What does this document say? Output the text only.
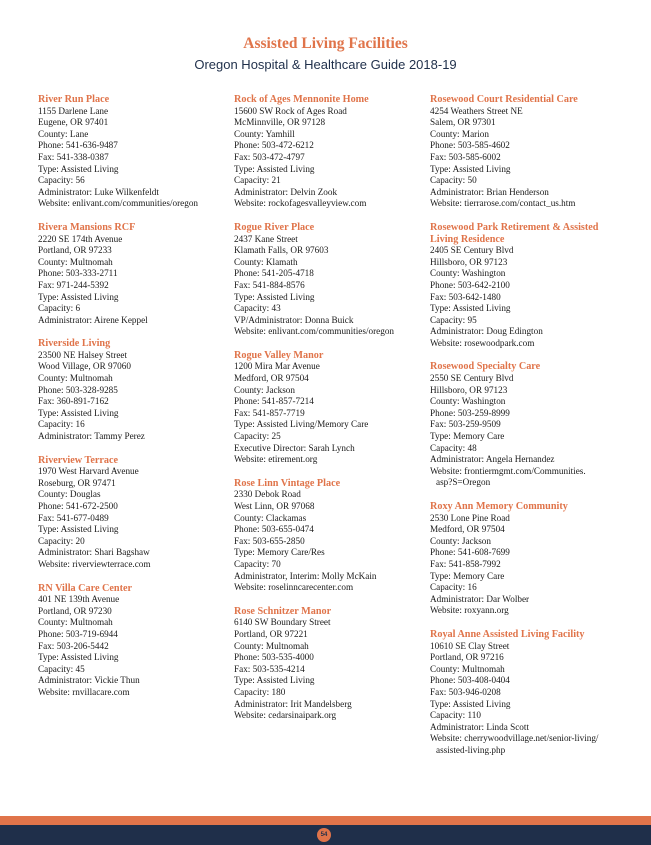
Assisted Living Facilities
Oregon Hospital & Healthcare Guide 2018-19
River Run Place
1155 Darlene Lane
Eugene, OR 97401
County: Lane
Phone: 541-636-9487
Fax: 541-338-0387
Type: Assisted Living
Capacity: 56
Administrator: Luke Wilkenfeldt
Website: enlivant.com/communities/oregon
Rivera Mansions RCF
2220 SE 174th Avenue
Portland, OR 97233
County: Multnomah
Phone: 503-333-2711
Fax: 971-244-5392
Type: Assisted Living
Capacity: 6
Administrator: Airene Keppel
Riverside Living
23500 NE Halsey Street
Wood Village, OR 97060
County: Multnomah
Phone: 503-328-9285
Fax: 360-891-7162
Type: Assisted Living
Capacity: 16
Administrator: Tammy Perez
Riverview Terrace
1970 West Harvard Avenue
Roseburg, OR 97471
County: Douglas
Phone: 541-672-2500
Fax: 541-677-0489
Type: Assisted Living
Capacity: 20
Administrator: Shari Bagshaw
Website: riverviewterrace.com
RN Villa Care Center
401 NE 139th Avenue
Portland, OR 97230
County: Multnomah
Phone: 503-719-6944
Fax: 503-206-5442
Type: Assisted Living
Capacity: 45
Administrator: Vickie Thun
Website: rnvillacare.com
Rock of Ages Mennonite Home
15600 SW Rock of Ages Road
McMinnville, OR 97128
County: Yamhill
Phone: 503-472-6212
Fax: 503-472-4797
Type: Assisted Living
Capacity: 21
Administrator: Delvin Zook
Website: rockofagesvalleyview.com
Rogue River Place
2437 Kane Street
Klamath Falls, OR 97603
County: Klamath
Phone: 541-205-4718
Fax: 541-884-8576
Type: Assisted Living
Capacity: 43
VP/Administrator: Donna Buick
Website: enlivant.com/communities/oregon
Rogue Valley Manor
1200 Mira Mar Avenue
Medford, OR 97504
County: Jackson
Phone: 541-857-7214
Fax: 541-857-7719
Type: Assisted Living/Memory Care
Capacity: 25
Executive Director: Sarah Lynch
Website: etirement.org
Rose Linn Vintage Place
2330 Debok Road
West Linn, OR 97068
County: Clackamas
Phone: 503-655-0474
Fax: 503-655-2850
Type: Memory Care/Res
Capacity: 70
Administrator, Interim: Molly McKain
Website: roselinncarecenter.com
Rose Schnitzer Manor
6140 SW Boundary Street
Portland, OR 97221
County: Multnomah
Phone: 503-535-4000
Fax: 503-535-4214
Type: Assisted Living
Capacity: 180
Administrator: Irit Mandelsberg
Website: cedarsinaipark.org
Rosewood Court Residential Care
4254 Weathers Street NE
Salem, OR 97301
County: Marion
Phone: 503-585-4602
Fax: 503-585-6002
Type: Assisted Living
Capacity: 50
Administrator: Brian Henderson
Website: tierrarose.com/contact_us.htm
Rosewood Park Retirement & Assisted Living Residence
2405 SE Century Blvd
Hillsboro, OR 97123
County: Washington
Phone: 503-642-2100
Fax: 503-642-1480
Type: Assisted Living
Capacity: 95
Administrator: Doug Edington
Website: rosewoodpark.com
Rosewood Specialty Care
2550 SE Century Blvd
Hillsboro, OR 97123
County: Washington
Phone: 503-259-8999
Fax: 503-259-9509
Type: Memory Care
Capacity: 48
Administrator: Angela Hernandez
Website: frontiermgmt.com/Communities.
asp?S=Oregon
Roxy Ann Memory Community
2530 Lone Pine Road
Medford, OR 97504
County: Jackson
Phone: 541-608-7699
Fax: 541-858-7992
Type: Memory Care
Capacity: 16
Administrator: Dar Wolber
Website: roxyann.org
Royal Anne Assisted Living Facility
10610 SE Clay Street
Portland, OR 97216
County: Multnomah
Phone: 503-408-0404
Fax: 503-946-0208
Type: Assisted Living
Capacity: 110
Administrator: Linda Scott
Website: cherrywoodvillage.net/senior-living/
assisted-living.php
54
